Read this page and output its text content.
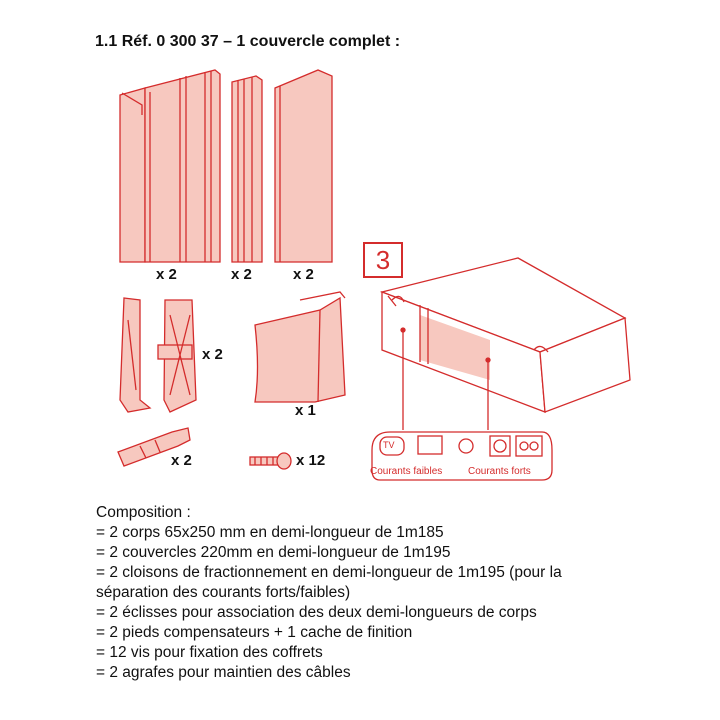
1.1 Réf. 0 300 37 – 1 couvercle complet :
x 2	x 2	x 2
x 2
x 1
x 2	x 12
3
TV
Courants faibles	Courants forts
Composition :
= 2 corps 65x250 mm en demi-longueur de 1m185
= 2 couvercles 220mm en demi-longueur de 1m195
= 2 cloisons de fractionnement en demi-longueur de 1m195 (pour la
séparation des courants forts/faibles)
= 2 éclisses pour association des deux demi-longueurs de corps
= 2 pieds compensateurs + 1 cache de finition
= 12 vis pour fixation des coffrets
= 2 agrafes pour maintien des câbles
